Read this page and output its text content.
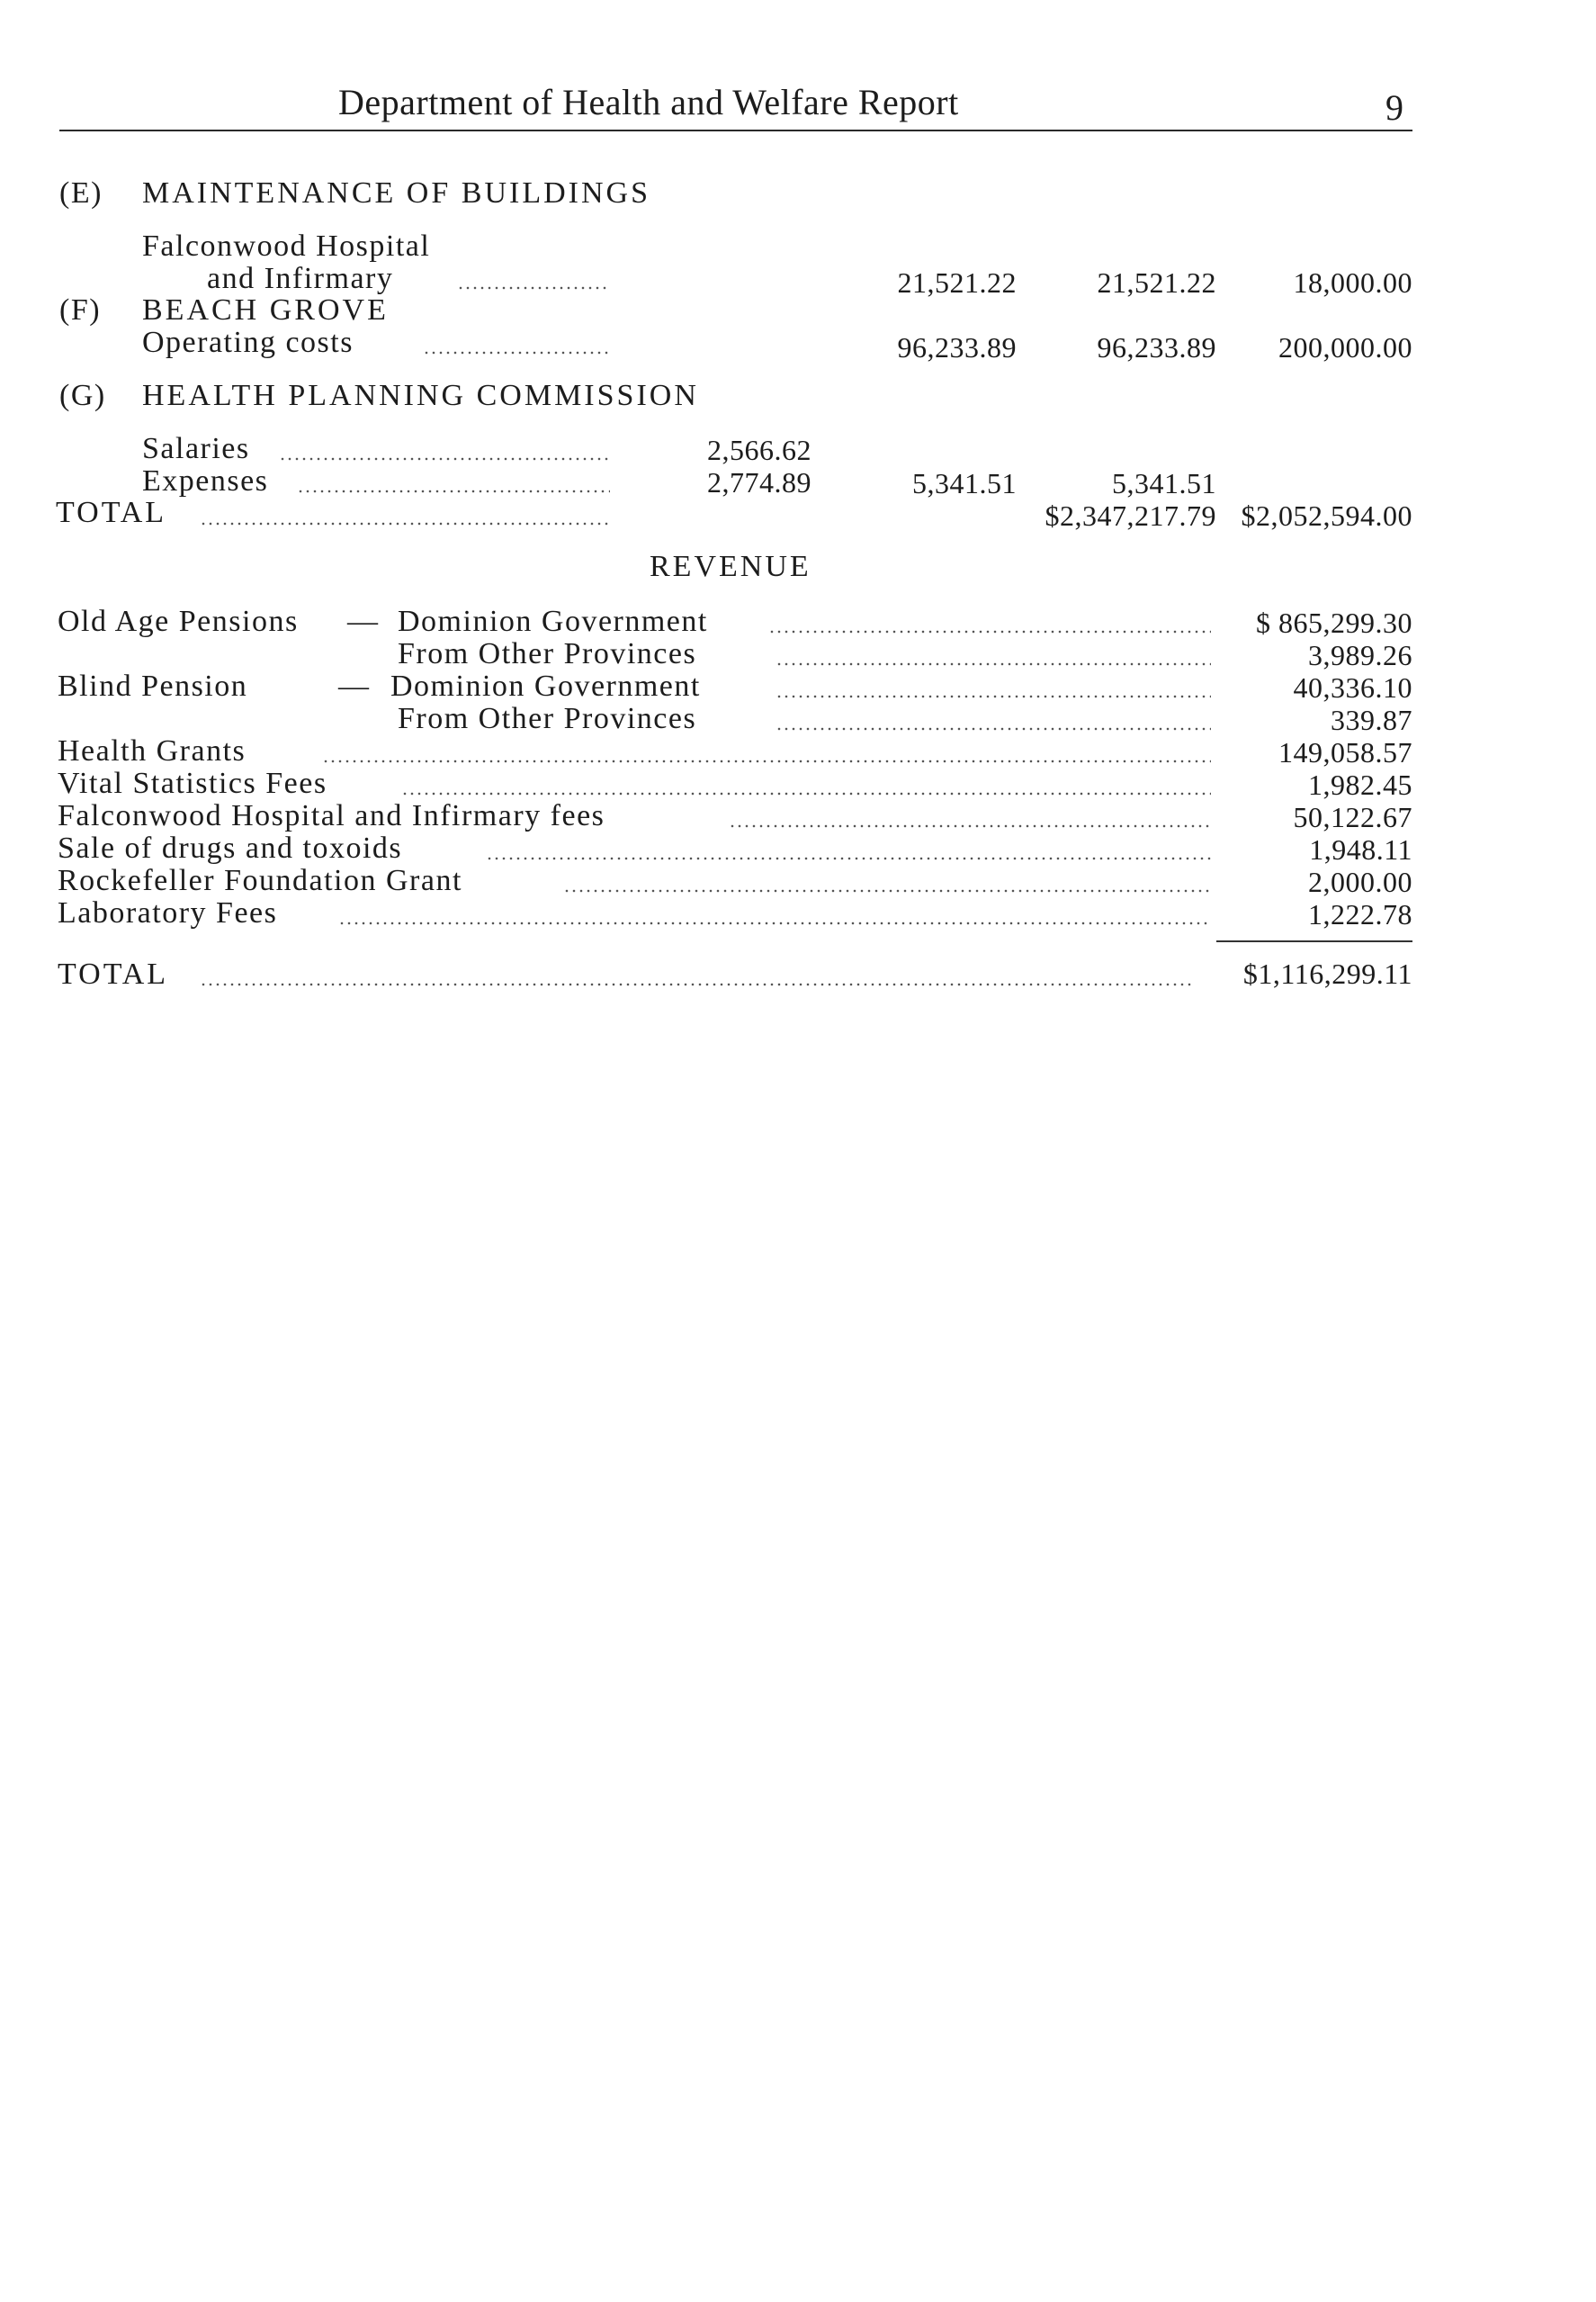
Department of Health and Welfare Report	9
(E) MAINTENANCE OF BUILDINGS
Falconwood Hospital
and Infirmary	21,521.22	21,521.22	18,000.00
(F) BEACH GROVE
Operating costs	96,233.89	96,233.89 200,000.00
(G) HEALTH PLANNING COMMISSION
Salaries	2,566.62
Expenses	2,774.89	5,341.51	5,341.51
TOTAL	$2,347,217.79 $2,052,594.00
REVENUE
Old Age Pensions — Dominion Government	$ 865,299.30
From Other Provinces	3,989.26
Blind Pension	— Dominion Government	40,336.10
From Other Provinces	339.87
Health Grants	149,058.57
Vital Statistics Fees	1,982.45
Falconwood Hospital and Infirmary fees	50,122.67
Sale of drugs and toxoids	1,948.11
Rockefeller Foundation Grant	2,000.00
Laboratory Fees	1,222.78
TOTAL	$1,116,299.11
